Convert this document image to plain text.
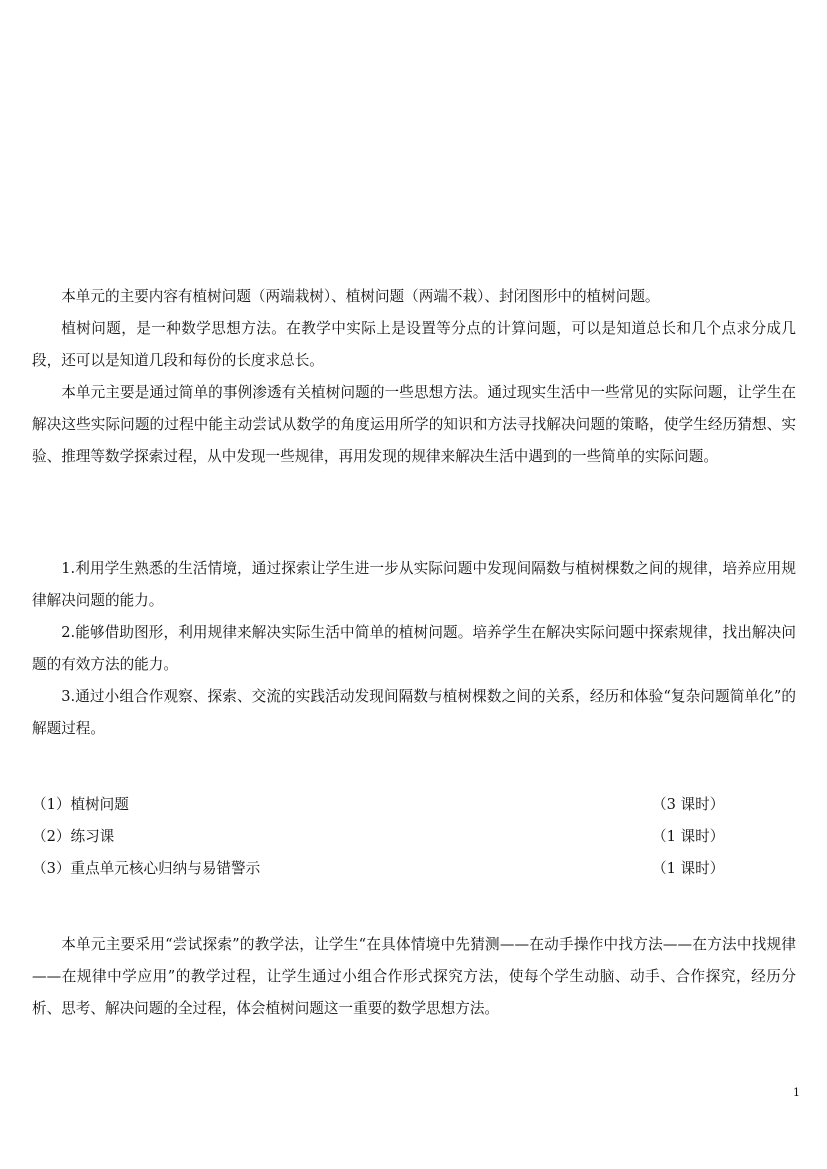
本单元的主要内容有植树问题（两端栽树）、植树问题（两端不栽）、封闭图形中的植树问题。

植树问题，是一种数学思想方法。在教学中实际上是设置等分点的计算问题，可以是知道总长和几个点求分成几段，还可以是知道几段和每份的长度求总长。

本单元主要是通过简单的事例渗透有关植树问题的一些思想方法。通过现实生活中一些常见的实际问题，让学生在解决这些实际问题的过程中能主动尝试从数学的角度运用所学的知识和方法寻找解决问题的策略，使学生经历猜想、实验、推理等数学探索过程，从中发现一些规律，再用发现的规律来解决生活中遇到的一些简单的实际问题。

1.利用学生熟悉的生活情境，通过探索让学生进一步从实际问题中发现间隔数与植树棵数之间的规律，培养应用规律解决问题的能力。

2.能够借助图形，利用规律来解决实际生活中简单的植树问题。培养学生在解决实际问题中探索规律，找出解决问题的有效方法的能力。

3.通过小组合作观察、探索、交流的实践活动发现间隔数与植树棵数之间的关系，经历和体验“复杂问题简单化”的解题过程。

（1）植树问题	（3 课时）
（2）练习课	（1 课时）
（3）重点单元核心归纳与易错警示	（1 课时）

本单元主要采用“尝试探索”的教学法，让学生“在具体情境中先猜测——在动手操作中找方法——在方法中找规律——在规律中学应用”的教学过程，让学生通过小组合作形式探究方法，使每个学生动脑、动手、合作探究，经历分析、思考、解决问题的全过程，体会植树问题这一重要的数学思想方法。

1
